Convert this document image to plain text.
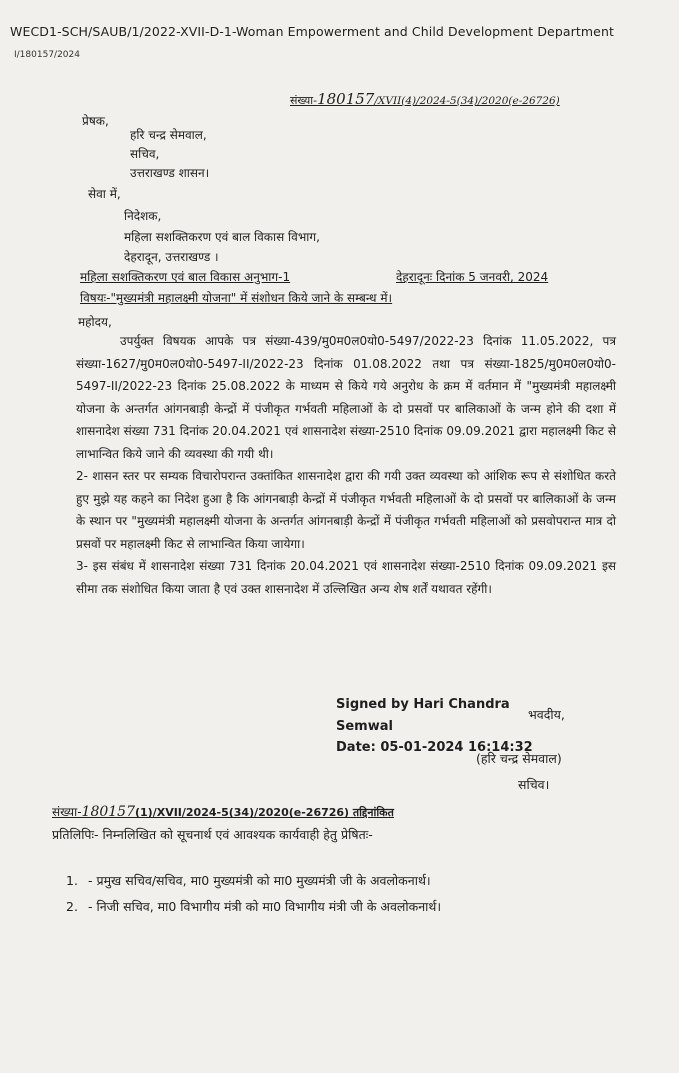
WECD1-SCH/SAUB/1/2022-XVII-D-1-Woman Empowerment and Child Development Department
I/180157/2024
संख्या-180157/XVII(4)/2024-5(34)/2020(e-26726)
प्रेषक,
हरि चन्द्र सेमवाल,
सचिव,
उत्तराखण्ड शासन।
सेवा में,
निदेशक,
महिला सशक्तिकरण एवं बाल विकास विभाग,
देहरादून, उत्तराखण्ड ।
महिला सशक्तिकरण एवं बाल विकास अनुभाग-1	देहरादूनः दिनांक 5 जनवरी, 2024
विषयः-"मुख्यमंत्री महालक्ष्मी योजना" में संशोधन किये जाने के सम्बन्ध में।
महोदय,

उपर्युक्त विषयक आपके पत्र संख्या-439/मु0म0ल0यो0-5497/2022-23 दिनांक 11.05.2022, पत्र संख्या-1627/मु0म0ल0यो0-5497-II/2022-23 दिनांक 01.08.2022 तथा पत्र संख्या-1825/मु0म0ल0यो0-5497-II/2022-23 दिनांक 25.08.2022 के माध्यम से किये गये अनुरोध के क्रम में वर्तमान में "मुख्यमंत्री महालक्ष्मी योजना के अन्तर्गत आंगनबाड़ी केन्द्रों में पंजीकृत गर्भवती महिलाओं के दो प्रसवों पर बालिकाओं के जन्म होने की दशा में शासनादेश संख्या 731 दिनांक 20.04.2021 एवं शासनादेश संख्या-2510 दिनांक 09.09.2021 द्वारा महालक्ष्मी किट से लाभान्वित किये जाने की व्यवस्था की गयी थी।

2- शासन स्तर पर सम्यक विचारोपरान्त उक्तांकित शासनादेश द्वारा की गयी उक्त व्यवस्था को आंशिक रूप से संशोधित करते हुए मुझे यह कहने का निदेश हुआ है कि आंगनबाड़ी केन्द्रों में पंजीकृत गर्भवती महिलाओं के दो प्रसवों पर बालिकाओं के जन्म के स्थान पर "मुख्यमंत्री महालक्ष्मी योजना के अन्तर्गत आंगनबाड़ी केन्द्रों में पंजीकृत गर्भवती महिलाओं को प्रसवोपरान्त मात्र दो प्रसवों पर महालक्ष्मी किट से लाभान्वित किया जायेगा।

3- इस संबंध में शासनादेश संख्या 731 दिनांक 20.04.2021 एवं शासनादेश संख्या-2510 दिनांक 09.09.2021 इस सीमा तक संशोधित किया जाता है एवं उक्त शासनादेश में उल्लिखित अन्य शेष शर्तें यथावत रहेंगी।

Signed by Hari Chandra
Semwal
Date: 05-01-2024 16:14:32
भवदीय,
(हरि चन्द्र सेमवाल)
सचिव।
संख्या-180157(1)/XVII/2024-5(34)/2020(e-26726) तद्दिनांकित
प्रतिलिपिः- निम्नलिखित को सूचनार्थ एवं आवश्यक कार्यवाही हेतु प्रेषितः-
1. - प्रमुख सचिव/सचिव, मा0 मुख्यमंत्री को मा0 मुख्यमंत्री जी के अवलोकनार्थ।
2. - निजी सचिव, मा0 विभागीय मंत्री को मा0 विभागीय मंत्री जी के अवलोकनार्थ।
